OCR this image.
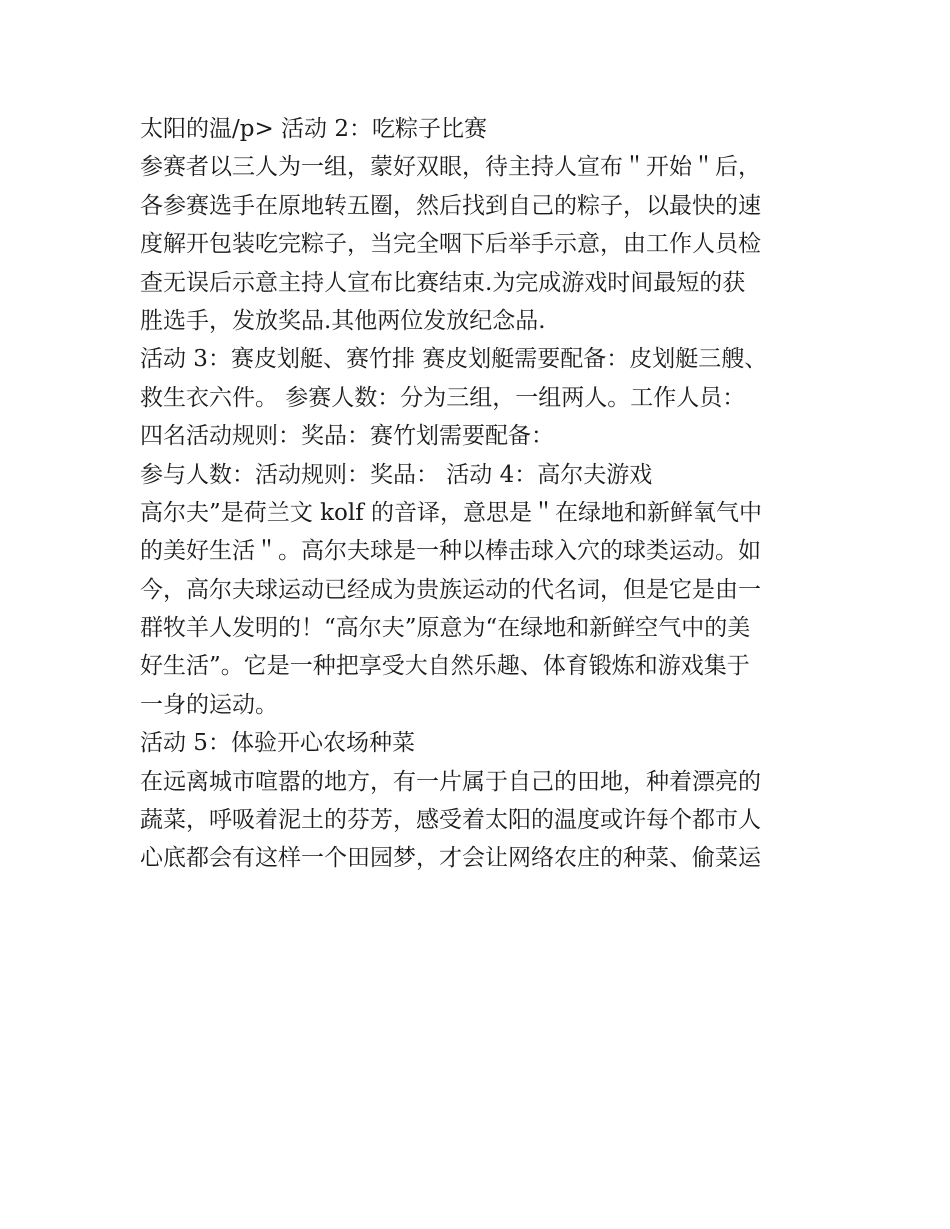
太阳的温/p> 活动 2：吃粽子比赛
参赛者以三人为一组，蒙好双眼，待主持人宣布＂开始＂后，
各参赛选手在原地转五圈，然后找到自己的粽子，以最快的速
度解开包装吃完粽子，当完全咽下后举手示意，由工作人员检
查无误后示意主持人宣布比赛结束.为完成游戏时间最短的获
胜选手，发放奖品.其他两位发放纪念品.
活动 3：赛皮划艇、赛竹排 赛皮划艇需要配备：皮划艇三艘、
救生衣六件。 参赛人数：分为三组，一组两人。工作人员：
四名活动规则：奖品：赛竹划需要配备：
参与人数：活动规则：奖品： 活动 4：高尔夫游戏
高尔夫”是荷兰文 kolf 的音译，意思是＂在绿地和新鲜氧气中
的美好生活＂。高尔夫球是一种以棒击球入穴的球类运动。如
今，高尔夫球运动已经成为贵族运动的代名词，但是它是由一
群牧羊人发明的！“高尔夫”原意为“在绿地和新鲜空气中的美
好生活”。它是一种把享受大自然乐趣、体育锻炼和游戏集于
一身的运动。
活动 5：体验开心农场种菜
在远离城市喧嚣的地方，有一片属于自己的田地，种着漂亮的
蔬菜，呼吸着泥土的芬芳，感受着太阳的温度或许每个都市人
心底都会有这样一个田园梦，才会让网络农庄的种菜、偷菜运
